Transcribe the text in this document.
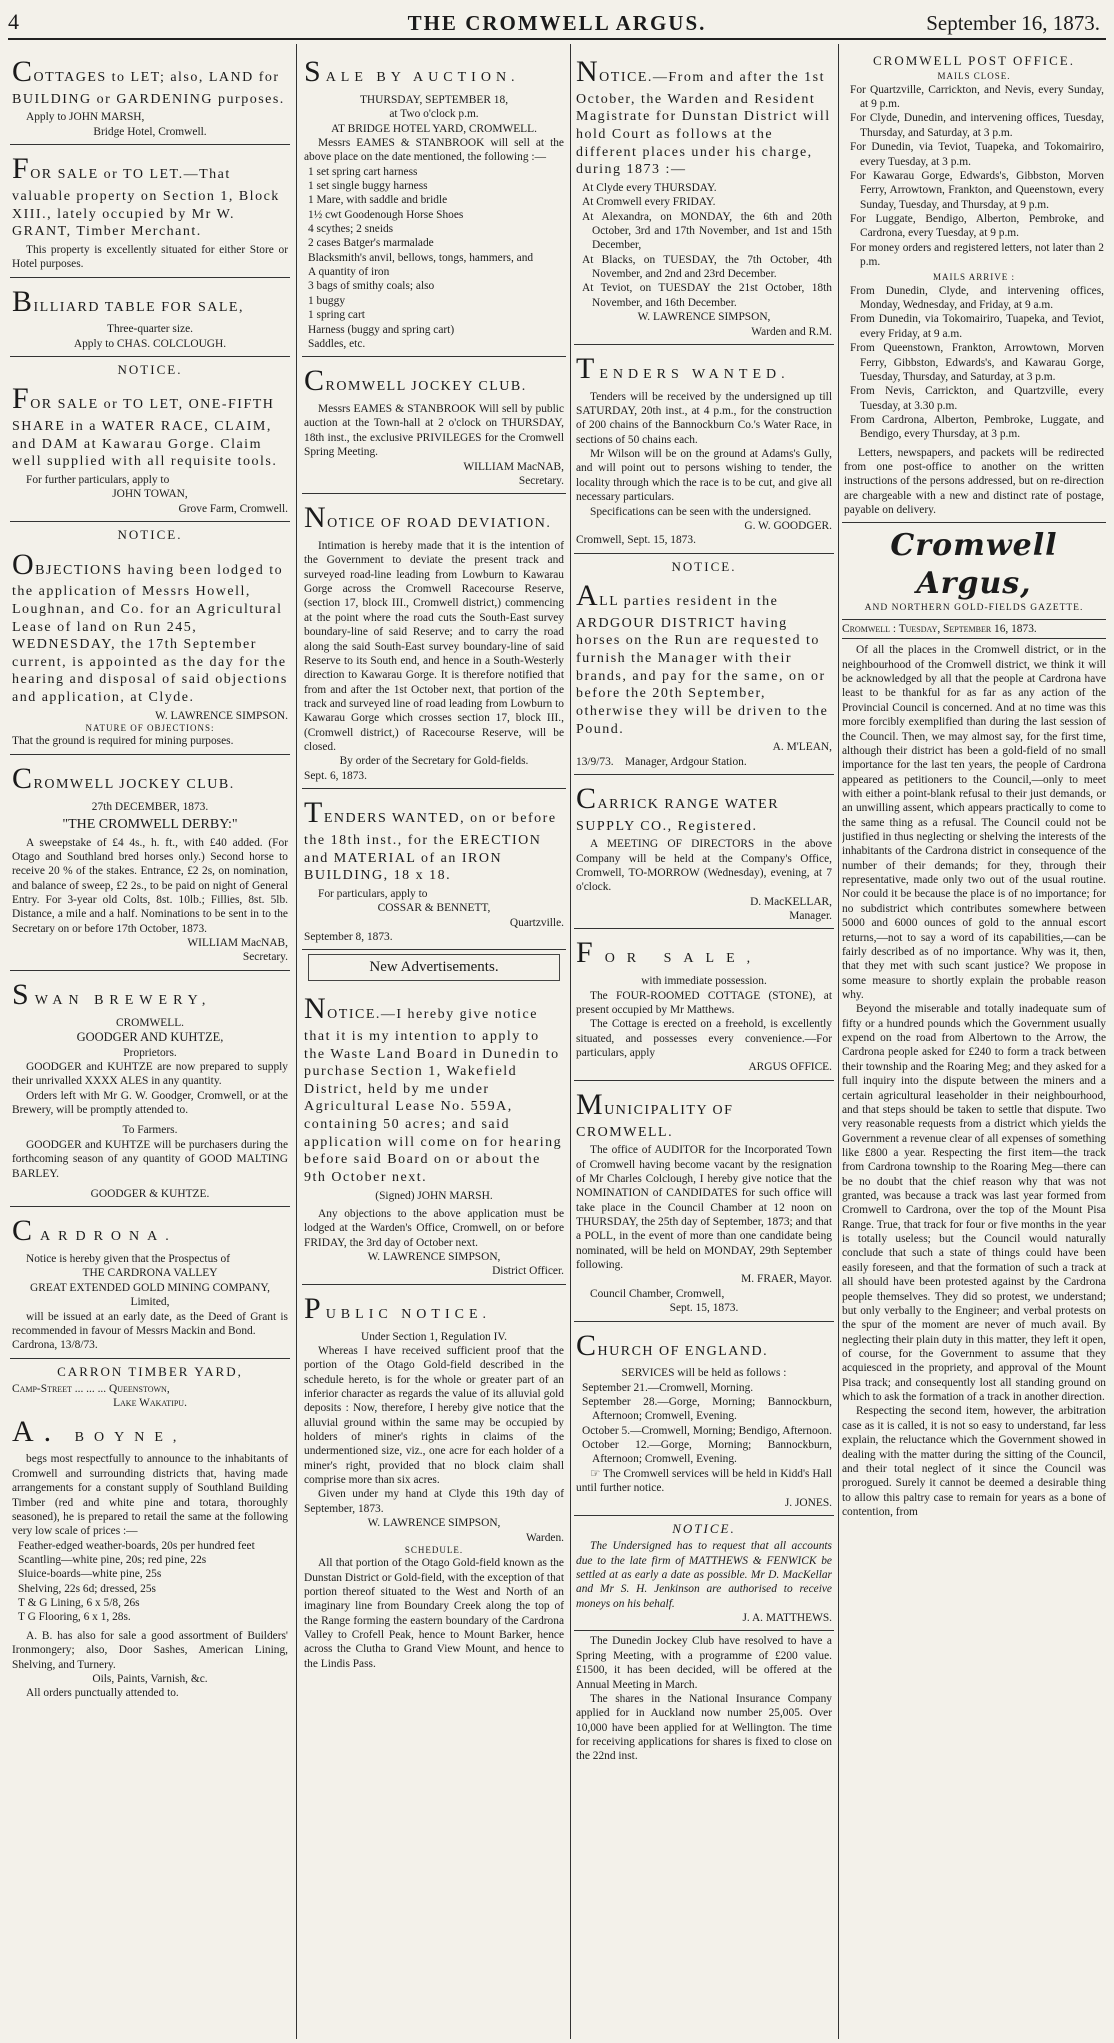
4	THE CROMWELL ARGUS.	September 16, 1873.

COTTAGES to LET; also, LAND for BUILDING or GARDENING purposes.

Apply to JOHN MARSH,

Bridge Hotel, Cromwell.

FOR SALE or TO LET.—That valuable property on Section 1, Block XIII., lately occupied by Mr W. GRANT, Timber Merchant.

This property is excellently situated for either Store or Hotel purposes.

BILLIARD TABLE FOR SALE,

Three-quarter size.

Apply to CHAS. COLCLOUGH.

NOTICE.

FOR SALE or TO LET, ONE-FIFTH SHARE in a WATER RACE, CLAIM, and DAM at Kawarau Gorge. Claim well supplied with all requisite tools.

For further particulars, apply to

JOHN TOWAN,

Grove Farm, Cromwell.

NOTICE.

OBJECTIONS having been lodged to the application of Messrs Howell, Loughnan, and Co. for an Agricultural Lease of land on Run 245, WEDNESDAY, the 17th September current, is appointed as the day for the hearing and disposal of said objections and application, at Clyde.

W. LAWRENCE SIMPSON.

NATURE OF OBJECTIONS:

That the ground is required for mining purposes.

CROMWELL JOCKEY CLUB.

27th DECEMBER, 1873.

"THE CROMWELL DERBY:"

A sweepstake of £4 4s., h. ft., with £40 added. (For Otago and Southland bred horses only.) Second horse to receive 20 % of the stakes. Entrance, £2 2s, on nomination, and balance of sweep, £2 2s., to be paid on night of General Entry. For 3-year old Colts, 8st. 10lb.; Fillies, 8st. 5lb. Distance, a mile and a half. Nominations to be sent in to the Secretary on or before 17th October, 1873.

WILLIAM MacNAB,

Secretary.

SWAN BREWERY,

CROMWELL.

GOODGER AND KUHTZE,

Proprietors.

GOODGER and KUHTZE are now prepared to supply their unrivalled XXXX ALES in any quantity.

Orders left with Mr G. W. Goodger, Cromwell, or at the Brewery, will be promptly attended to.

To Farmers.

GOODGER and KUHTZE will be purchasers during the forthcoming season of any quantity of GOOD MALTING BARLEY.

GOODGER & KUHTZE.

CARDRONA.

Notice is hereby given that the Prospectus of

THE CARDRONA VALLEY

GREAT EXTENDED GOLD MINING COMPANY, Limited,

will be issued at an early date, as the Deed of Grant is recommended in favour of Messrs Mackin and Bond.

Cardrona, 13/8/73.

CARRON TIMBER YARD,

Camp-Street ... ... ... Queenstown,

Lake Wakatipu.

A. BOYNE,

begs most respectfully to announce to the inhabitants of Cromwell and surrounding districts that, having made arrangements for a constant supply of Southland Building Timber (red and white pine and totara, thoroughly seasoned), he is prepared to retail the same at the following very low scale of prices :—

Feather-edged weather-boards, 20s per hundred feet

Scantling—white pine, 20s; red pine, 22s

Sluice-boards—white pine, 25s

Shelving, 22s 6d; dressed, 25s

T & G Lining, 6 x 5/8, 26s

T G Flooring, 6 x 1, 28s.

A. B. has also for sale a good assortment of Builders' Ironmongery; also, Door Sashes, American Lining, Shelving, and Turnery.

Oils, Paints, Varnish, &c.

All orders punctually attended to.

SALE BY AUCTION.

THURSDAY, SEPTEMBER 18,

at Two o'clock p.m.

AT BRIDGE HOTEL YARD, CROMWELL.

Messrs EAMES & STANBROOK will sell at the above place on the date mentioned, the following :—

1 set spring cart harness

1 set single buggy harness

1 Mare, with saddle and bridle

1½ cwt Goodenough Horse Shoes

4 scythes; 2 sneids

2 cases Batger's marmalade

Blacksmith's anvil, bellows, tongs, hammers, and

A quantity of iron

3 bags of smithy coals; also

1 buggy

1 spring cart

Harness (buggy and spring cart)

Saddles, etc.

CROMWELL JOCKEY CLUB.

Messrs EAMES & STANBROOK Will sell by public auction at the Town-hall at 2 o'clock on THURSDAY, 18th inst., the exclusive PRIVILEGES for the Cromwell Spring Meeting.

WILLIAM MacNAB,

Secretary.

NOTICE OF ROAD DEVIATION.

Intimation is hereby made that it is the intention of the Government to deviate the present track and surveyed road-line leading from Lowburn to Kawarau Gorge across the Cromwell Racecourse Reserve, (section 17, block III., Cromwell district,) commencing at the point where the road cuts the South-East survey boundary-line of said Reserve; and to carry the road along the said South-East survey boundary-line of said Reserve to its South end, and hence in a South-Westerly direction to Kawarau Gorge. It is therefore notified that from and after the 1st October next, that portion of the track and surveyed line of road leading from Lowburn to Kawarau Gorge which crosses section 17, block III., (Cromwell district,) of Racecourse Reserve, will be closed.

By order of the Secretary for Gold-fields.

Sept. 6, 1873.

TENDERS WANTED, on or before the 18th inst., for the ERECTION and MATERIAL of an IRON BUILDING, 18 x 18.

For particulars, apply to

COSSAR & BENNETT,

Quartzville.

September 8, 1873.

New Advertisements.

NOTICE.—I hereby give notice that it is my intention to apply to the Waste Land Board in Dunedin to purchase Section 1, Wakefield District, held by me under Agricultural Lease No. 559A, containing 50 acres; and said application will come on for hearing before said Board on or about the 9th October next.

(Signed) JOHN MARSH.

Any objections to the above application must be lodged at the Warden's Office, Cromwell, on or before FRIDAY, the 3rd day of October next.

W. LAWRENCE SIMPSON,

District Officer.

PUBLIC NOTICE.

Under Section 1, Regulation IV.

Whereas I have received sufficient proof that the portion of the Otago Gold-field described in the schedule hereto, is for the whole or greater part of an inferior character as regards the value of its alluvial gold deposits : Now, therefore, I hereby give notice that the alluvial ground within the same may be occupied by holders of miner's rights in claims of the undermentioned size, viz., one acre for each holder of a miner's right, provided that no block claim shall comprise more than six acres.

Given under my hand at Clyde this 19th day of September, 1873.

W. LAWRENCE SIMPSON,

Warden.

SCHEDULE.

All that portion of the Otago Gold-field known as the Dunstan District or Gold-field, with the exception of that portion thereof situated to the West and North of an imaginary line from Boundary Creek along the top of the Range forming the eastern boundary of the Cardrona Valley to Crofell Peak, hence to Mount Barker, hence across the Clutha to Grand View Mount, and hence to the Lindis Pass.

NOTICE.—From and after the 1st October, the Warden and Resident Magistrate for Dunstan District will hold Court as follows at the different places under his charge, during 1873 :—

At Clyde every THURSDAY.

At Cromwell every FRIDAY.

At Alexandra, on MONDAY, the 6th and 20th October, 3rd and 17th November, and 1st and 15th December,

At Blacks, on TUESDAY, the 7th October, 4th November, and 2nd and 23rd December.

At Teviot, on TUESDAY the 21st October, 18th November, and 16th December.

W. LAWRENCE SIMPSON,

Warden and R.M.

TENDERS WANTED.

Tenders will be received by the undersigned up till SATURDAY, 20th inst., at 4 p.m., for the construction of 200 chains of the Bannockburn Co.'s Water Race, in sections of 50 chains each.

Mr Wilson will be on the ground at Adams's Gully, and will point out to persons wishing to tender, the locality through which the race is to be cut, and give all necessary particulars.

Specifications can be seen with the undersigned.

G. W. GOODGER.

Cromwell, Sept. 15, 1873.

NOTICE.

ALL parties resident in the ARDGOUR DISTRICT having horses on the Run are requested to furnish the Manager with their brands, and pay for the same, on or before the 20th September, otherwise they will be driven to the Pound.

A. M'LEAN,

13/9/73. Manager, Ardgour Station.

CARRICK RANGE WATER SUPPLY CO., Registered.

A MEETING OF DIRECTORS in the above Company will be held at the Company's Office, Cromwell, TO-MORROW (Wednesday), evening, at 7 o'clock.

D. MacKELLAR,

Manager.

FOR SALE,

with immediate possession.

The FOUR-ROOMED COTTAGE (STONE), at present occupied by Mr Matthews.

The Cottage is erected on a freehold, is excellently situated, and possesses every convenience.—For particulars, apply

ARGUS OFFICE.

MUNICIPALITY OF CROMWELL.

The office of AUDITOR for the Incorporated Town of Cromwell having become vacant by the resignation of Mr Charles Colclough, I hereby give notice that the NOMINATION of CANDIDATES for such office will take place in the Council Chamber at 12 noon on THURSDAY, the 25th day of September, 1873; and that a POLL, in the event of more than one candidate being nominated, will be held on MONDAY, 29th September following.

M. FRAER, Mayor.

Council Chamber, Cromwell,

Sept. 15, 1873.

CHURCH OF ENGLAND.

SERVICES will be held as follows :

September 21.—Cromwell, Morning.

September 28.—Gorge, Morning; Bannockburn, Afternoon; Cromwell, Evening.

October 5.—Cromwell, Morning; Bendigo, Afternoon.

October 12.—Gorge, Morning; Bannockburn, Afternoon; Cromwell, Evening.

☞ The Cromwell services will be held in Kidd's Hall until further notice.

J. JONES.

NOTICE.

The Undersigned has to request that all accounts due to the late firm of MATTHEWS & FENWICK be settled at as early a date as possible. Mr D. MacKellar and Mr S. H. Jenkinson are authorised to receive moneys on his behalf.

J. A. MATTHEWS.

The Dunedin Jockey Club have resolved to have a Spring Meeting, with a programme of £200 value. £1500, it has been decided, will be offered at the Annual Meeting in March.

The shares in the National Insurance Company applied for in Auckland now number 25,005. Over 10,000 have been applied for at Wellington. The time for receiving applications for shares is fixed to close on the 22nd inst.

CROMWELL POST OFFICE.

MAILS CLOSE.

For Quartzville, Carrickton, and Nevis, every Sunday, at 9 p.m.

For Clyde, Dunedin, and intervening offices, Tuesday, Thursday, and Saturday, at 3 p.m.

For Dunedin, via Teviot, Tuapeka, and Tokomairiro, every Tuesday, at 3 p.m.

For Kawarau Gorge, Edwards's, Gibbston, Morven Ferry, Arrowtown, Frankton, and Queenstown, every Sunday, Tuesday, and Thursday, at 9 p.m.

For Luggate, Bendigo, Alberton, Pembroke, and Cardrona, every Tuesday, at 9 p.m.

For money orders and registered letters, not later than 2 p.m.

MAILS ARRIVE :

From Dunedin, Clyde, and intervening offices, Monday, Wednesday, and Friday, at 9 a.m.

From Dunedin, via Tokomairiro, Tuapeka, and Teviot, every Friday, at 9 a.m.

From Queenstown, Frankton, Arrowtown, Morven Ferry, Gibbston, Edwards's, and Kawarau Gorge, Tuesday, Thursday, and Saturday, at 3 p.m.

From Nevis, Carrickton, and Quartzville, every Tuesday, at 3.30 p.m.

From Cardrona, Alberton, Pembroke, Luggate, and Bendigo, every Thursday, at 3 p.m.

Letters, newspapers, and packets will be redirected from one post-office to another on the written instructions of the persons addressed, but on re-direction are chargeable with a new and distinct rate of postage, payable on delivery.

Cromwell Argus,

AND NORTHERN GOLD-FIELDS GAZETTE.

Cromwell : Tuesday, September 16, 1873.

Of all the places in the Cromwell district, or in the neighbourhood of the Cromwell district, we think it will be acknowledged by all that the people at Cardrona have least to be thankful for as far as any action of the Provincial Council is concerned. And at no time was this more forcibly exemplified than during the last session of the Council. Then, we may almost say, for the first time, although their district has been a gold-field of no small importance for the last ten years, the people of Cardrona appeared as petitioners to the Council,—only to meet with either a point-blank refusal to their just demands, or an unwilling assent, which appears practically to come to the same thing as a refusal. The Council could not be justified in thus neglecting or shelving the interests of the inhabitants of the Cardrona district in consequence of the number of their demands; for they, through their representative, made only two out of the usual routine. Nor could it be because the place is of no importance; for no subdistrict which contributes somewhere between 5000 and 6000 ounces of gold to the annual escort returns,—not to say a word of its capabilities,—can be fairly described as of no importance. Why was it, then, that they met with such scant justice? We propose in some measure to shortly explain the probable reason why.

Beyond the miserable and totally inadequate sum of fifty or a hundred pounds which the Government usually expend on the road from Albertown to the Arrow, the Cardrona people asked for £240 to form a track between their township and the Roaring Meg; and they asked for a full inquiry into the dispute between the miners and a certain agricultural leaseholder in their neighbourhood, and that steps should be taken to settle that dispute. Two very reasonable requests from a district which yields the Government a revenue clear of all expenses of something like £800 a year. Respecting the first item—the track from Cardrona township to the Roaring Meg—there can be no doubt that the chief reason why that was not granted, was because a track was last year formed from Cromwell to Cardrona, over the top of the Mount Pisa Range. True, that track for four or five months in the year is totally useless; but the Council would naturally conclude that such a state of things could have been easily foreseen, and that the formation of such a track at all should have been protested against by the Cardrona people themselves. They did so protest, we understand; but only verbally to the Engineer; and verbal protests on the spur of the moment are never of much avail. By neglecting their plain duty in this matter, they left it open, of course, for the Government to assume that they acquiesced in the propriety, and approval of the Mount Pisa track; and consequently lost all standing ground on which to ask the formation of a track in another direction.

Respecting the second item, however, the arbitration case as it is called, it is not so easy to understand, far less explain, the reluctance which the Government showed in dealing with the matter during the sitting of the Council, and their total neglect of it since the Council was prorogued. Surely it cannot be deemed a desirable thing to allow this paltry case to remain for years as a bone of contention, from
